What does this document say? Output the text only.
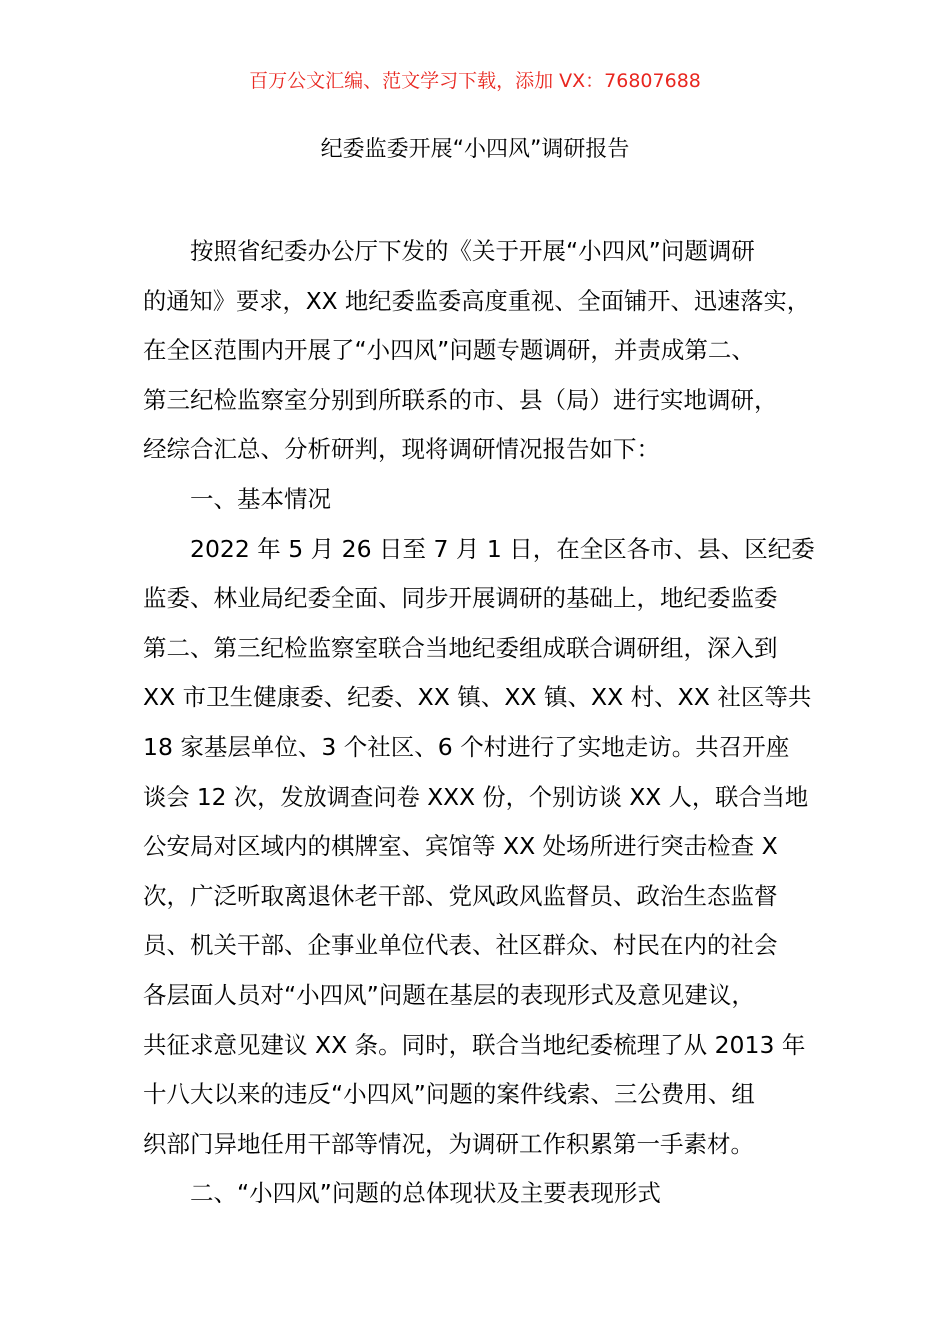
百万公文汇编、范文学习下载，添加 VX：76807688
纪委监委开展“小四风”调研报告
按照省纪委办公厅下发的《关于开展“小四风”问题调研
的通知》要求，XX 地纪委监委高度重视、全面铺开、迅速落实，
在全区范围内开展了“小四风”问题专题调研，并责成第二、
第三纪检监察室分别到所联系的市、县（局）进行实地调研，
经综合汇总、分析研判，现将调研情况报告如下：
一、基本情况
2022 年 5 月 26 日至 7 月 1 日，在全区各市、县、区纪委
监委、林业局纪委全面、同步开展调研的基础上，地纪委监委
第二、第三纪检监察室联合当地纪委组成联合调研组，深入到
XX 市卫生健康委、纪委、XX 镇、XX 镇、XX 村、XX 社区等共
18 家基层单位、3 个社区、6 个村进行了实地走访。共召开座
谈会 12 次，发放调查问卷 XXX 份，个别访谈 XX 人，联合当地
公安局对区域内的棋牌室、宾馆等 XX 处场所进行突击检查 X
次，广泛听取离退休老干部、党风政风监督员、政治生态监督
员、机关干部、企事业单位代表、社区群众、村民在内的社会
各层面人员对“小四风”问题在基层的表现形式及意见建议，
共征求意见建议 XX 条。同时，联合当地纪委梳理了从 2013 年
十八大以来的违反“小四风”问题的案件线索、三公费用、组
织部门异地任用干部等情况，为调研工作积累第一手素材。
二、“小四风”问题的总体现状及主要表现形式
